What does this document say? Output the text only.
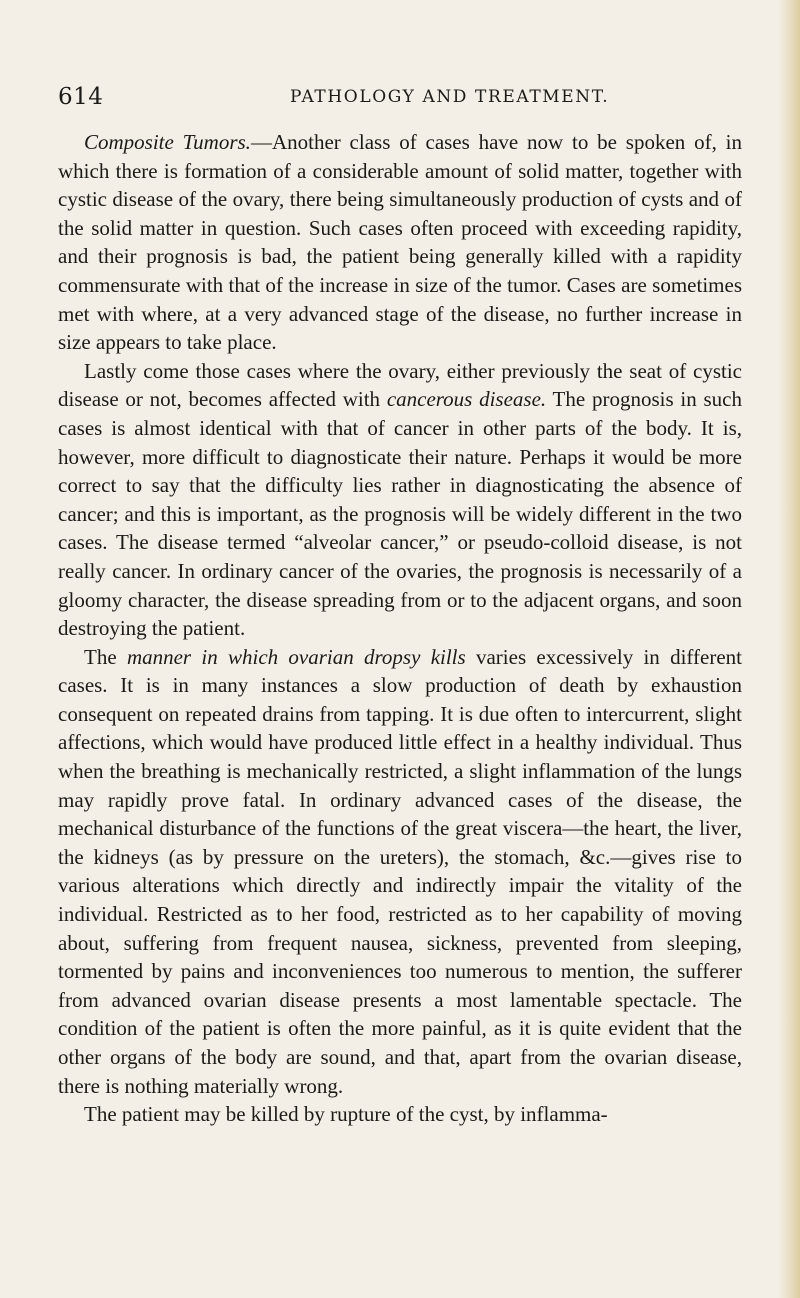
614	PATHOLOGY AND TREATMENT.

Composite Tumors.—Another class of cases have now to be spoken of, in which there is formation of a considerable amount of solid matter, together with cystic disease of the ovary, there being simultaneously production of cysts and of the solid matter in question. Such cases often proceed with exceeding rapidity, and their prognosis is bad, the patient being generally killed with a rapidity commensurate with that of the increase in size of the tumor. Cases are sometimes met with where, at a very advanced stage of the disease, no further increase in size appears to take place.

Lastly come those cases where the ovary, either previously the seat of cystic disease or not, becomes affected with cancerous disease. The prognosis in such cases is almost identical with that of cancer in other parts of the body. It is, however, more difficult to diagnosticate their nature. Perhaps it would be more correct to say that the difficulty lies rather in diagnosticating the absence of cancer; and this is important, as the prognosis will be widely different in the two cases. The disease termed “alveolar cancer,” or pseudo-colloid disease, is not really cancer. In ordinary cancer of the ovaries, the prognosis is necessarily of a gloomy character, the disease spreading from or to the adjacent organs, and soon destroying the patient.

The manner in which ovarian dropsy kills varies excessively in different cases. It is in many instances a slow production of death by exhaustion consequent on repeated drains from tapping. It is due often to intercurrent, slight affections, which would have produced little effect in a healthy individual. Thus when the breathing is mechanically restricted, a slight inflammation of the lungs may rapidly prove fatal. In ordinary advanced cases of the disease, the mechanical disturbance of the functions of the great viscera—the heart, the liver, the kidneys (as by pressure on the ureters), the stomach, &c.—gives rise to various alterations which directly and indirectly impair the vitality of the individual. Restricted as to her food, restricted as to her capability of moving about, suffering from frequent nausea, sickness, prevented from sleeping, tormented by pains and inconveniences too numerous to mention, the sufferer from advanced ovarian disease presents a most lamentable spectacle. The condition of the patient is often the more painful, as it is quite evident that the other organs of the body are sound, and that, apart from the ovarian disease, there is nothing materially wrong.

The patient may be killed by rupture of the cyst, by inflamma-
